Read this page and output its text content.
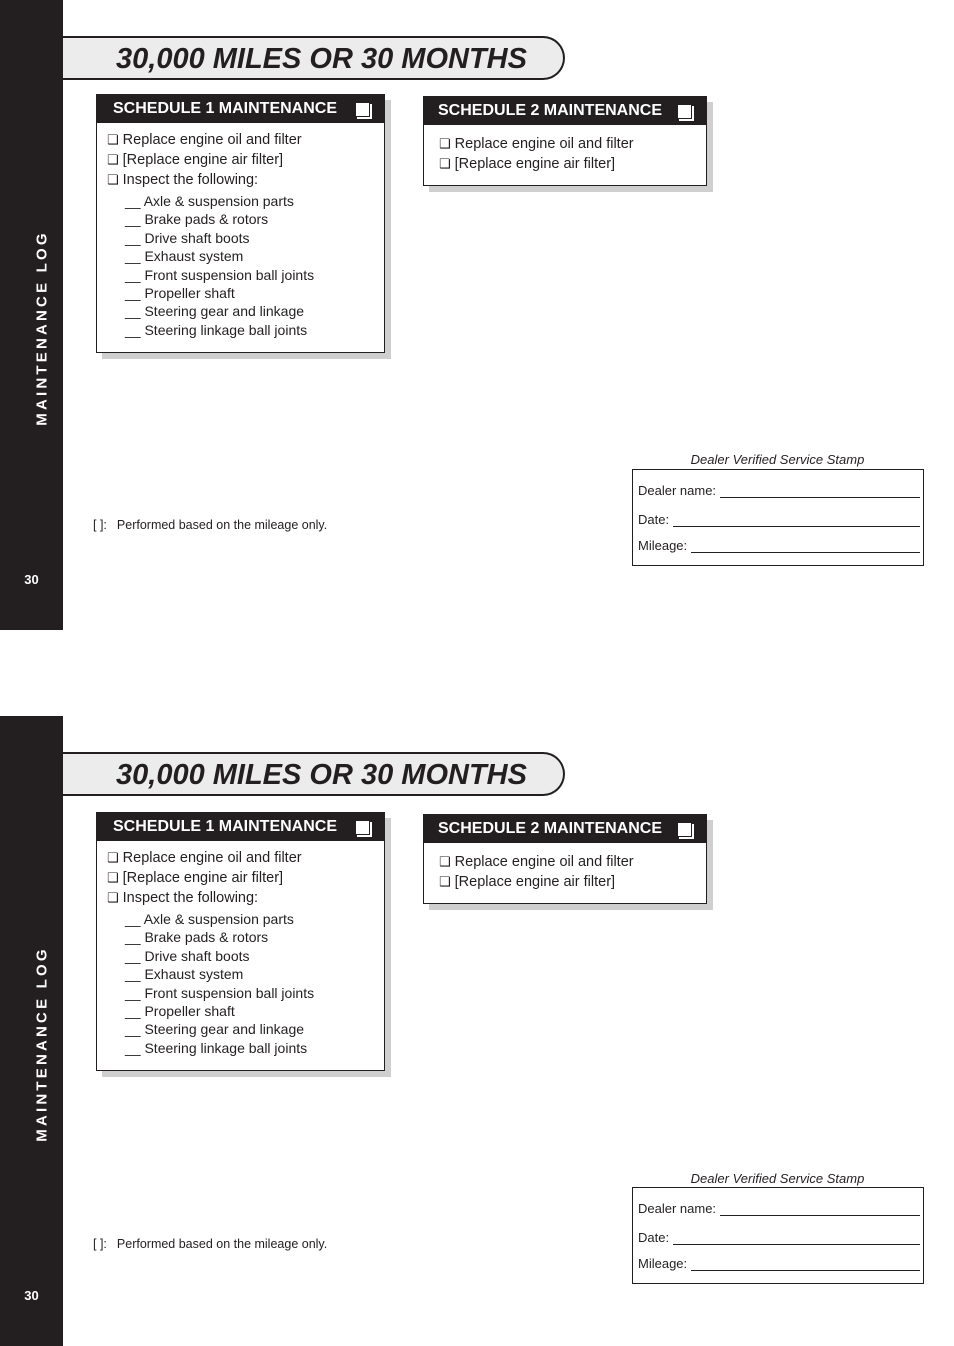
MAINTENANCE LOG
30
30,000 MILES OR 30 MONTHS
SCHEDULE 1 MAINTENANCE
❑ Replace engine oil and filter
❑ [Replace engine air filter]
❑ Inspect the following:
__ Axle & suspension parts
__ Brake pads & rotors
__ Drive shaft boots
__ Exhaust system
__ Front suspension ball joints
__ Propeller shaft
__ Steering gear and linkage
__ Steering linkage ball joints
SCHEDULE 2 MAINTENANCE
❑ Replace engine oil and filter
❑ [Replace engine air filter]
Dealer Verified Service Stamp
Dealer name:
Date:
Mileage:
[ ]: Performed based on the mileage only.
MAINTENANCE LOG
30
30,000 MILES OR 30 MONTHS
SCHEDULE 1 MAINTENANCE
❑ Replace engine oil and filter
❑ [Replace engine air filter]
❑ Inspect the following:
__ Axle & suspension parts
__ Brake pads & rotors
__ Drive shaft boots
__ Exhaust system
__ Front suspension ball joints
__ Propeller shaft
__ Steering gear and linkage
__ Steering linkage ball joints
SCHEDULE 2 MAINTENANCE
❑ Replace engine oil and filter
❑ [Replace engine air filter]
Dealer Verified Service Stamp
Dealer name:
Date:
Mileage:
[ ]: Performed based on the mileage only.
